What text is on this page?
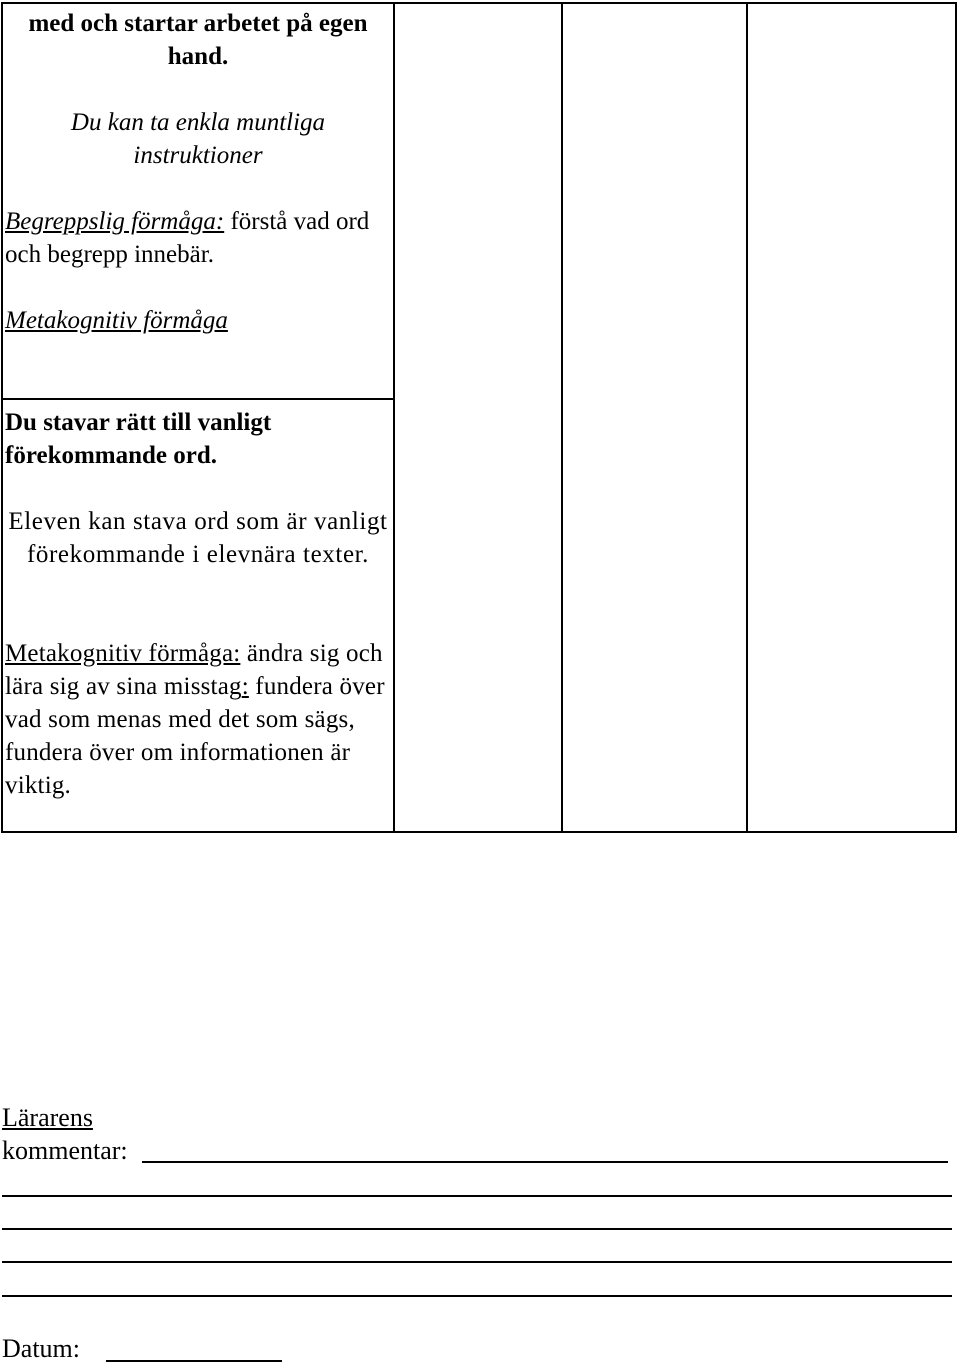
med och startar arbetet på egen hand.

Du kan ta enkla muntliga instruktioner

Begreppslig förmåga: förstå vad ord och begrepp innebär.

Metakognitiv förmåga

Du stavar rätt till vanligt förekommande ord.

Eleven kan stava ord som är vanligt förekommande i elevnära texter.

Metakognitiv förmåga: ändra sig och lära sig av sina misstag: fundera över vad som menas med det som sägs, fundera över om informationen är viktig.

Lärarens
kommentar:
Datum:
